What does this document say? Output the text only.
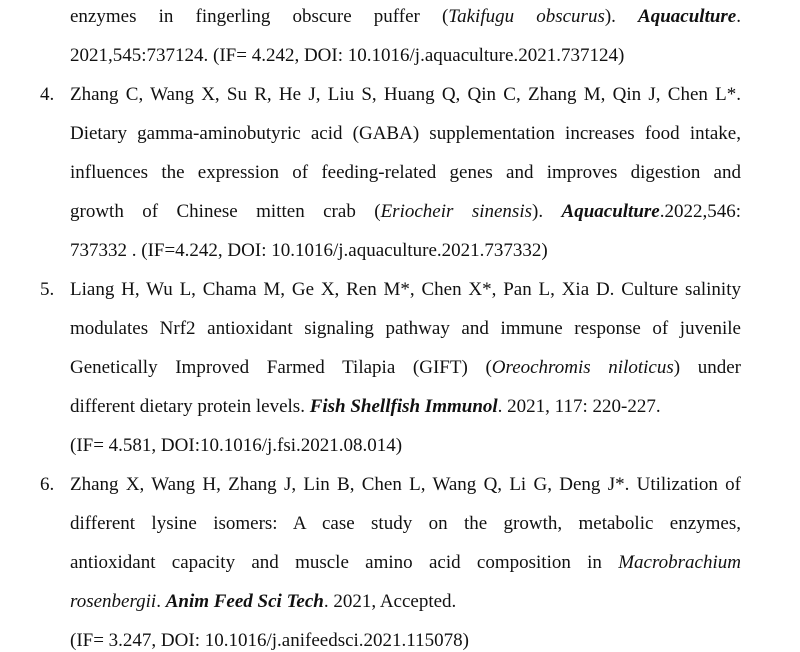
enzymes in fingerling obscure puffer (Takifugu obscurus). Aquaculture.
2021,545:737124. (IF= 4.242, DOI: 10.1016/j.aquaculture.2021.737124)
4. Zhang C, Wang X, Su R, He J, Liu S, Huang Q, Qin C, Zhang M, Qin J, Chen L*.
Dietary gamma-aminobutyric acid (GABA) supplementation increases food intake,
influences the expression of feeding-related genes and improves digestion and
growth of Chinese mitten crab (Eriocheir sinensis). Aquaculture.2022,546:
737332 . (IF=4.242, DOI: 10.1016/j.aquaculture.2021.737332)
5. Liang H, Wu L, Chama M, Ge X, Ren M*, Chen X*, Pan L, Xia D. Culture salinity
modulates Nrf2 antioxidant signaling pathway and immune response of juvenile
Genetically Improved Farmed Tilapia (GIFT) (Oreochromis niloticus) under
different dietary protein levels. Fish Shellfish Immunol. 2021, 117: 220-227.
(IF= 4.581, DOI:10.1016/j.fsi.2021.08.014)
6. Zhang X, Wang H, Zhang J, Lin B, Chen L, Wang Q, Li G, Deng J*. Utilization of
different lysine isomers: A case study on the growth, metabolic enzymes,
antioxidant capacity and muscle amino acid composition in Macrobrachium
rosenbergii. Anim Feed Sci Tech. 2021, Accepted.
(IF= 3.247, DOI: 10.1016/j.anifeedsci.2021.115078)
